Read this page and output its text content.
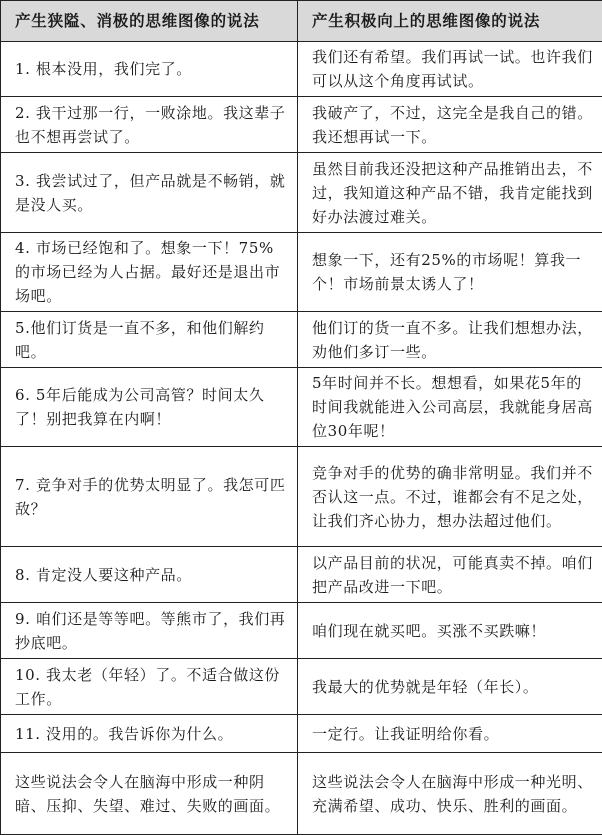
产生狭隘、消极的思维图像的说法	产生积极向上的思维图像的说法
1. 根本没用，我们完了。	我们还有希望。我们再试一试。也许我们可以从这个角度再试试。
2. 我干过那一行，一败涂地。我这辈子也不想再尝试了。	我破产了，不过，这完全是我自己的错。我还想再试一下。
3. 我尝试过了，但产品就是不畅销，就是没人买。	虽然目前我还没把这种产品推销出去，不过，我知道这种产品不错，我肯定能找到好办法渡过难关。
4. 市场已经饱和了。想象一下！75%的市场已经为人占据。最好还是退出市场吧。	想象一下，还有25%的市场呢！算我一个！市场前景太诱人了！
5.他们订货是一直不多，和他们解约吧。	他们订的货一直不多。让我们想想办法，劝他们多订一些。
6. 5年后能成为公司高管？时间太久了！别把我算在内啊！	5年时间并不长。想想看，如果花5年的时间我就能进入公司高层，我就能身居高位30年呢！
7. 竞争对手的优势太明显了。我怎可匹敌？	竞争对手的优势的确非常明显。我们并不否认这一点。不过，谁都会有不足之处，让我们齐心协力，想办法超过他们。
8. 肯定没人要这种产品。	以产品目前的状况，可能真卖不掉。咱们把产品改进一下吧。
9. 咱们还是等等吧。等熊市了，我们再抄底吧。	咱们现在就买吧。买涨不买跌嘛！
10. 我太老（年轻）了。不适合做这份工作。	我最大的优势就是年轻（年长）。
11. 没用的。我告诉你为什么。	一定行。让我证明给你看。
这些说法会令人在脑海中形成一种阴暗、压抑、失望、难过、失败的画面。	这些说法会令人在脑海中形成一种光明、充满希望、成功、快乐、胜利的画面。
